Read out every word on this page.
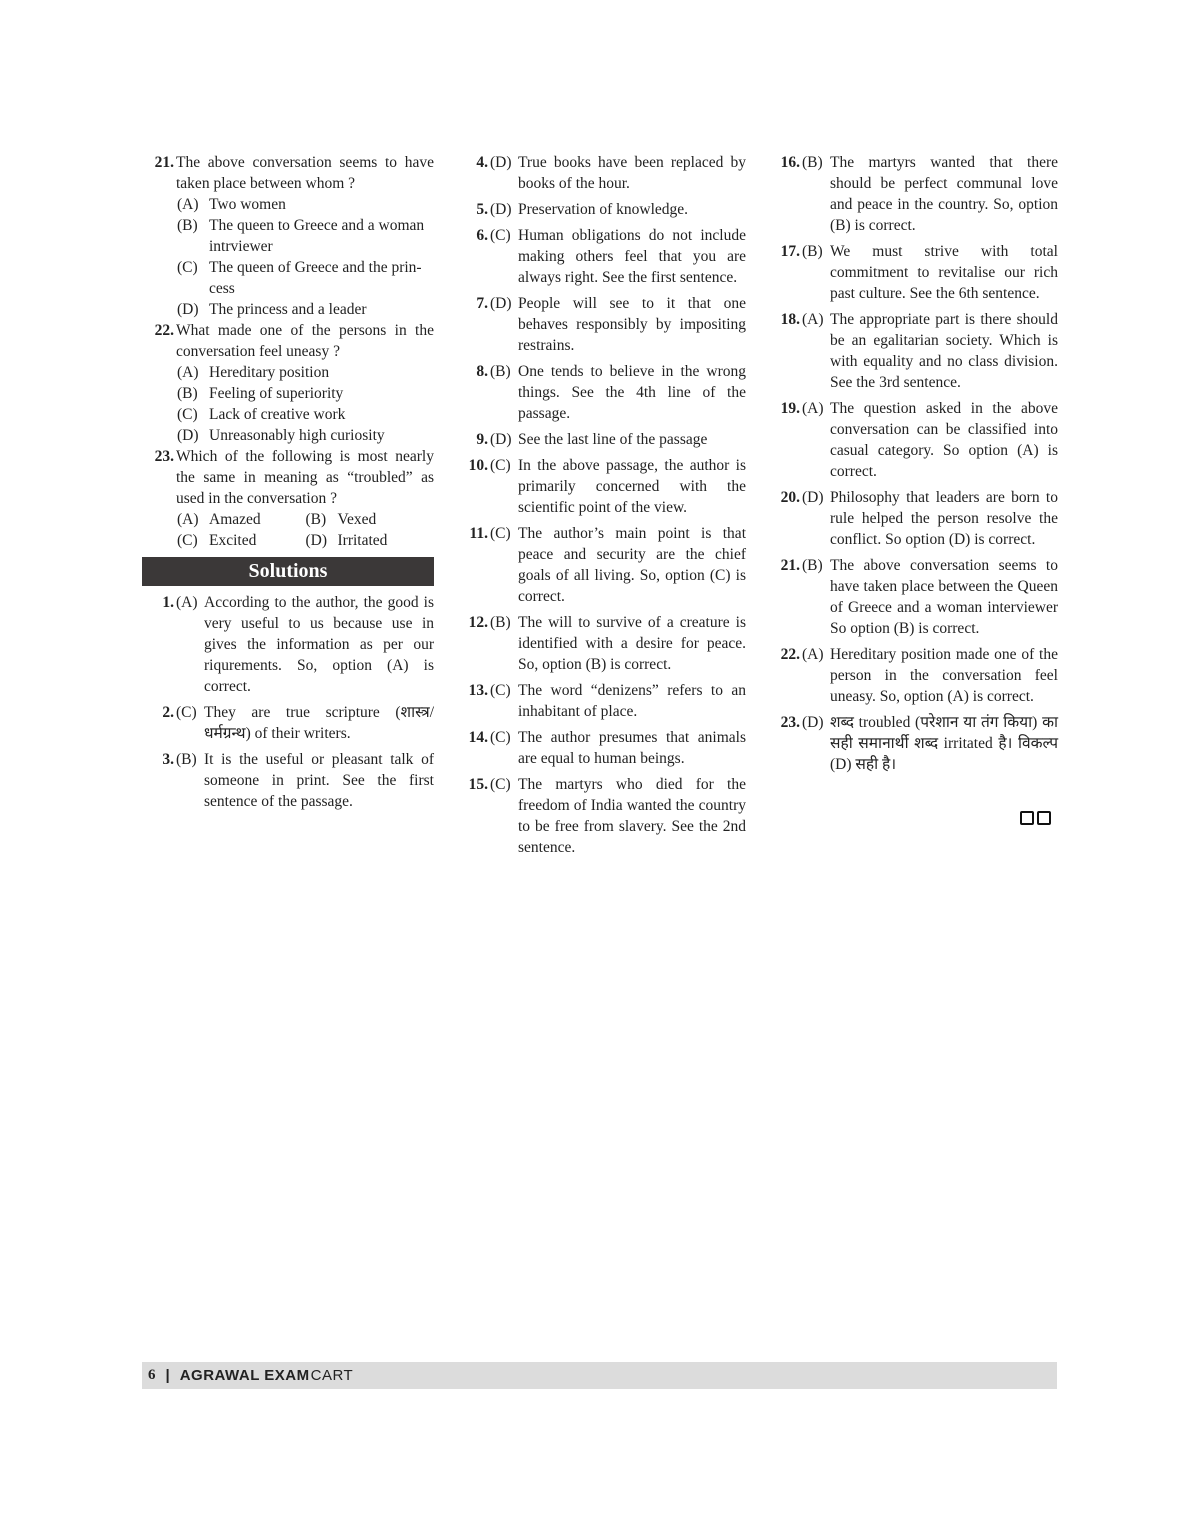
21. The above conversation seems to have taken place between whom ?
(A) Two women
(B) The queen to Greece and a woman intrviewer
(C) The queen of Greece and the prin-cess
(D) The princess and a leader
22. What made one of the persons in the conversation feel uneasy ?
(A) Hereditary position
(B) Feeling of superiority
(C) Lack of creative work
(D) Unreasonably high curiosity
23. Which of the following is most nearly the same in meaning as “troubled” as used in the conversation ?
(A) Amazed	(B) Vexed
(C) Excited	(D) Irritated
Solutions
1. (A) According to the author, the good is very useful to us because use in gives the information as per our riqurements. So, option (A) is correct.
2. (C) They are true scripture (शास्त्र/ धर्मग्रन्थ) of their writers.
3. (B) It is the useful or pleasant talk of someone in print. See the first sentence of the passage.
4. (D) True books have been replaced by books of the hour.
5. (D) Preservation of knowledge.
6. (C) Human obligations do not include making others feel that you are always right. See the first sentence.
7. (D) People will see to it that one behaves responsibly by impositing restrains.
8. (B) One tends to believe in the wrong things. See the 4th line of the passage.
9. (D) See the last line of the passage
10. (C) In the above passage, the author is primarily concerned with the scientific point of the view.
11. (C) The author’s main point is that peace and security are the chief goals of all living. So, option (C) is correct.
12. (B) The will to survive of a creature is identified with a desire for peace. So, option (B) is correct.
13. (C) The word “denizens” refers to an inhabitant of place.
14. (C) The author presumes that animals are equal to human beings.
15. (C) The martyrs who died for the freedom of India wanted the country to be free from slavery. See the 2nd sentence.
16. (B) The martyrs wanted that there should be perfect communal love and peace in the country. So, option (B) is correct.
17. (B) We must strive with total commitment to revitalise our rich past culture. See the 6th sentence.
18. (A) The appropriate part is there should be an egalitarian society. Which is with equality and no class division. See the 3rd sentence.
19. (A) The question asked in the above conversation can be classified into casual category. So option (A) is correct.
20. (D) Philosophy that leaders are born to rule helped the person resolve the conflict. So option (D) is correct.
21. (B) The above conversation seems to have taken place between the Queen of Greece and a woman interviewer So option (B) is correct.
22. (A) Hereditary position made one of the person in the conversation feel uneasy. So, option (A) is correct.
23. (D) शब्द troubled (परेशान या तंग किया) का सही समानार्थी शब्द irritated है। विकल्प (D) सही है।
6 | AGRAWAL EXAM CART
